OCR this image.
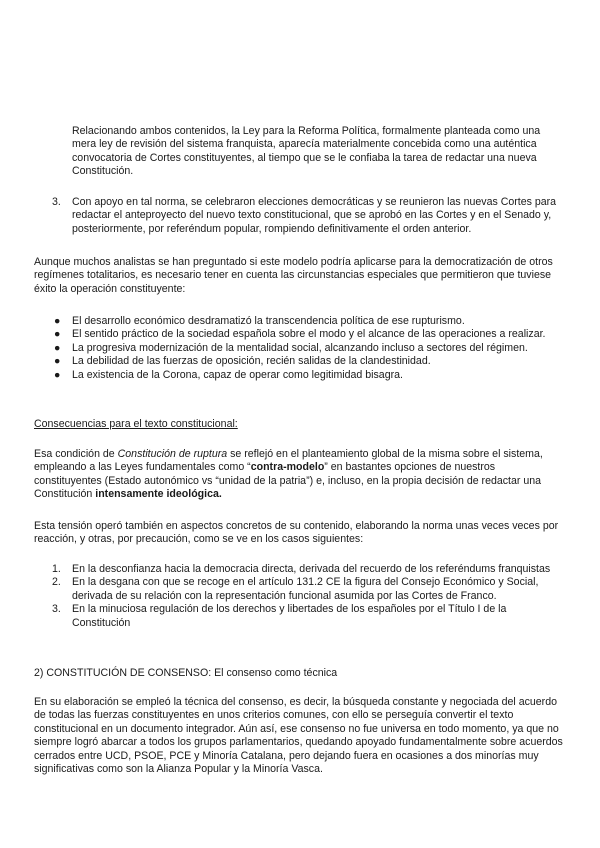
Relacionando ambos contenidos, la Ley para la Reforma Política, formalmente planteada como una mera ley de revisión del sistema franquista, aparecía materialmente concebida como una auténtica convocatoria de Cortes constituyentes, al tiempo que se le confiaba la tarea de redactar una nueva Constitución.

3. Con apoyo en tal norma, se celebraron elecciones democráticas y se reunieron las nuevas Cortes para redactar el anteproyecto del nuevo texto constitucional, que se aprobó en las Cortes y en el Senado y, posteriormente, por referéndum popular, rompiendo definitivamente el orden anterior.

Aunque muchos analistas se han preguntado si este modelo podría aplicarse para la democratización de otros regímenes totalitarios, es necesario tener en cuenta las circunstancias especiales que permitieron que tuviese éxito la operación constituyente:

● El desarrollo económico desdramatizó la transcendencia política de ese rupturismo.
● El sentido práctico de la sociedad española sobre el modo y el alcance de las operaciones a realizar.
● La progresiva modernización de la mentalidad social, alcanzando incluso a sectores del régimen.
● La debilidad de las fuerzas de oposición, recién salidas de la clandestinidad.
● La existencia de la Corona, capaz de operar como legitimidad bisagra.

Consecuencias para el texto constitucional:

Esa condición de Constitución de ruptura se reflejó en el planteamiento global de la misma sobre el sistema, empleando a las Leyes fundamentales como “contra-modelo” en bastantes opciones de nuestros constituyentes (Estado autonómico vs “unidad de la patria”) e, incluso, en la propia decisión de redactar una Constitución intensamente ideológica.

Esta tensión operó también en aspectos concretos de su contenido, elaborando la norma unas veces veces por reacción, y otras, por precaución, como se ve en los casos siguientes:

1. En la desconfianza hacia la democracia directa, derivada del recuerdo de los referéndums franquistas
2. En la desgana con que se recoge en el artículo 131.2 CE la figura del Consejo Económico y Social, derivada de su relación con la representación funcional asumida por las Cortes de Franco.
3. En la minuciosa regulación de los derechos y libertades de los españoles por el Título I de la Constitución

2) CONSTITUCIÓN DE CONSENSO: El consenso como técnica

En su elaboración se empleó la técnica del consenso, es decir, la búsqueda constante y negociada del acuerdo de todas las fuerzas constituyentes en unos criterios comunes, con ello se perseguía convertir el texto constitucional en un documento integrador. Aún así, ese consenso no fue universa en todo momento, ya que no siempre logró abarcar a todos los grupos parlamentarios, quedando apoyado fundamentalmente sobre acuerdos cerrados entre UCD, PSOE, PCE y Minoría Catalana, pero dejando fuera en ocasiones a dos minorías muy significativas como son la Alianza Popular y la Minoría Vasca.
